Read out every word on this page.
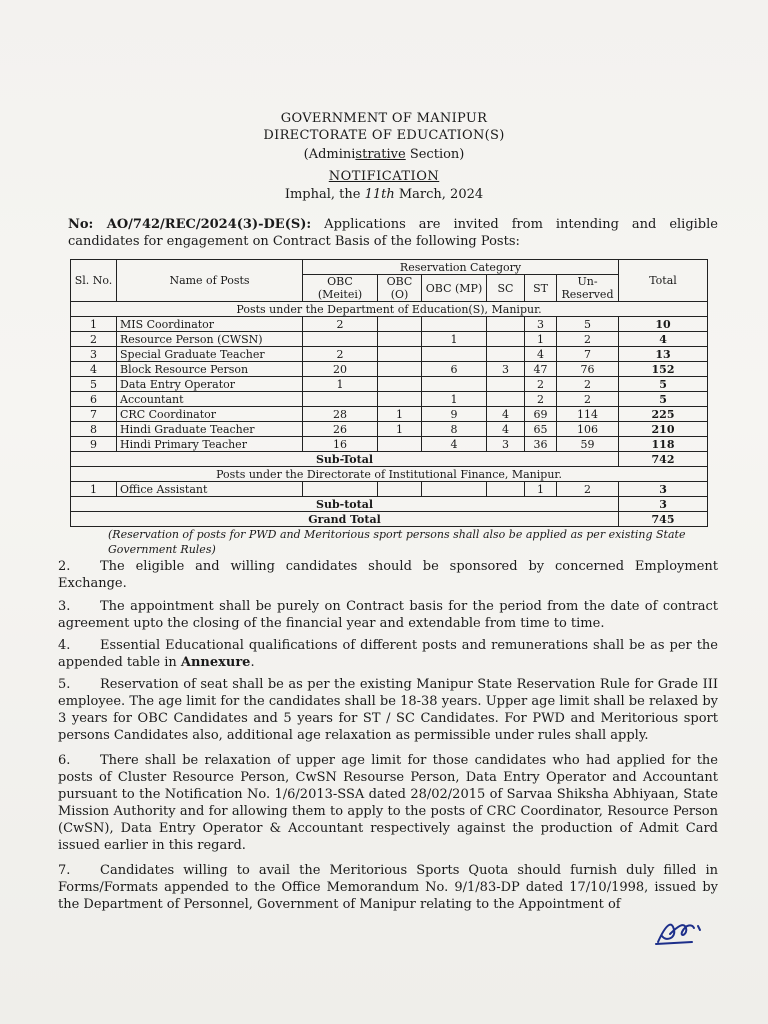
GOVERNMENT OF MANIPUR
DIRECTORATE OF EDUCATION(S)
(Administrative Section)
NOTIFICATION
Imphal, the 11th March, 2024
No: AO/742/REC/2024(3)-DE(S): Applications are invited from intending and eligible candidates for engagement on Contract Basis of the following Posts:
Sl. No.	Name of Posts	Reservation Category						Total
		OBC (Meitei)	OBC (O)	OBC (MP)	SC	ST	Un- Reserved	
Posts under the Department of Education(S), Manipur.								
1	MIS Coordinator	2				3	5	10
2	Resource Person (CWSN)			1		1	2	4
3	Special Graduate Teacher	2				4	7	13
4	Block Resource Person	20		6	3	47	76	152
5	Data Entry Operator	1				2	2	5
6	Accountant			1		2	2	5
7	CRC Coordinator	28	1	9	4	69	114	225
8	Hindi Graduate Teacher	26	1	8	4	65	106	210
9	Hindi Primary Teacher	16		4	3	36	59	118
Sub-Total								742
Posts under the Directorate of Institutional Finance, Manipur.								
1	Office Assistant					1	2	3
Sub-total								3
Grand Total								745
(Reservation of posts for PWD and Meritorious sport persons shall also be applied as per existing State Government Rules)
2. The eligible and willing candidates should be sponsored by concerned Employment Exchange.
3. The appointment shall be purely on Contract basis for the period from the date of contract agreement upto the closing of the financial year and extendable from time to time.
4. Essential Educational qualifications of different posts and remunerations shall be as per the appended table in Annexure.
5. Reservation of seat shall be as per the existing Manipur State Reservation Rule for Grade III employee. The age limit for the candidates shall be 18-38 years. Upper age limit shall be relaxed by 3 years for OBC Candidates and 5 years for ST / SC Candidates. For PWD and Meritorious sport persons Candidates also, additional age relaxation as permissible under rules shall apply.
6. There shall be relaxation of upper age limit for those candidates who had applied for the posts of Cluster Resource Person, CwSN Resourse Person, Data Entry Operator and Accountant pursuant to the Notification No. 1/6/2013-SSA dated 28/02/2015 of Sarvaa Shiksha Abhiyaan, State Mission Authority and for allowing them to apply to the posts of CRC Coordinator, Resource Person (CwSN), Data Entry Operator & Accountant respectively against the production of Admit Card issued earlier in this regard.
7. Candidates willing to avail the Meritorious Sports Quota should furnish duly filled in Forms/Formats appended to the Office Memorandum No. 9/1/83-DP dated 17/10/1998, issued by the Department of Personnel, Government of Manipur relating to the Appointment of
